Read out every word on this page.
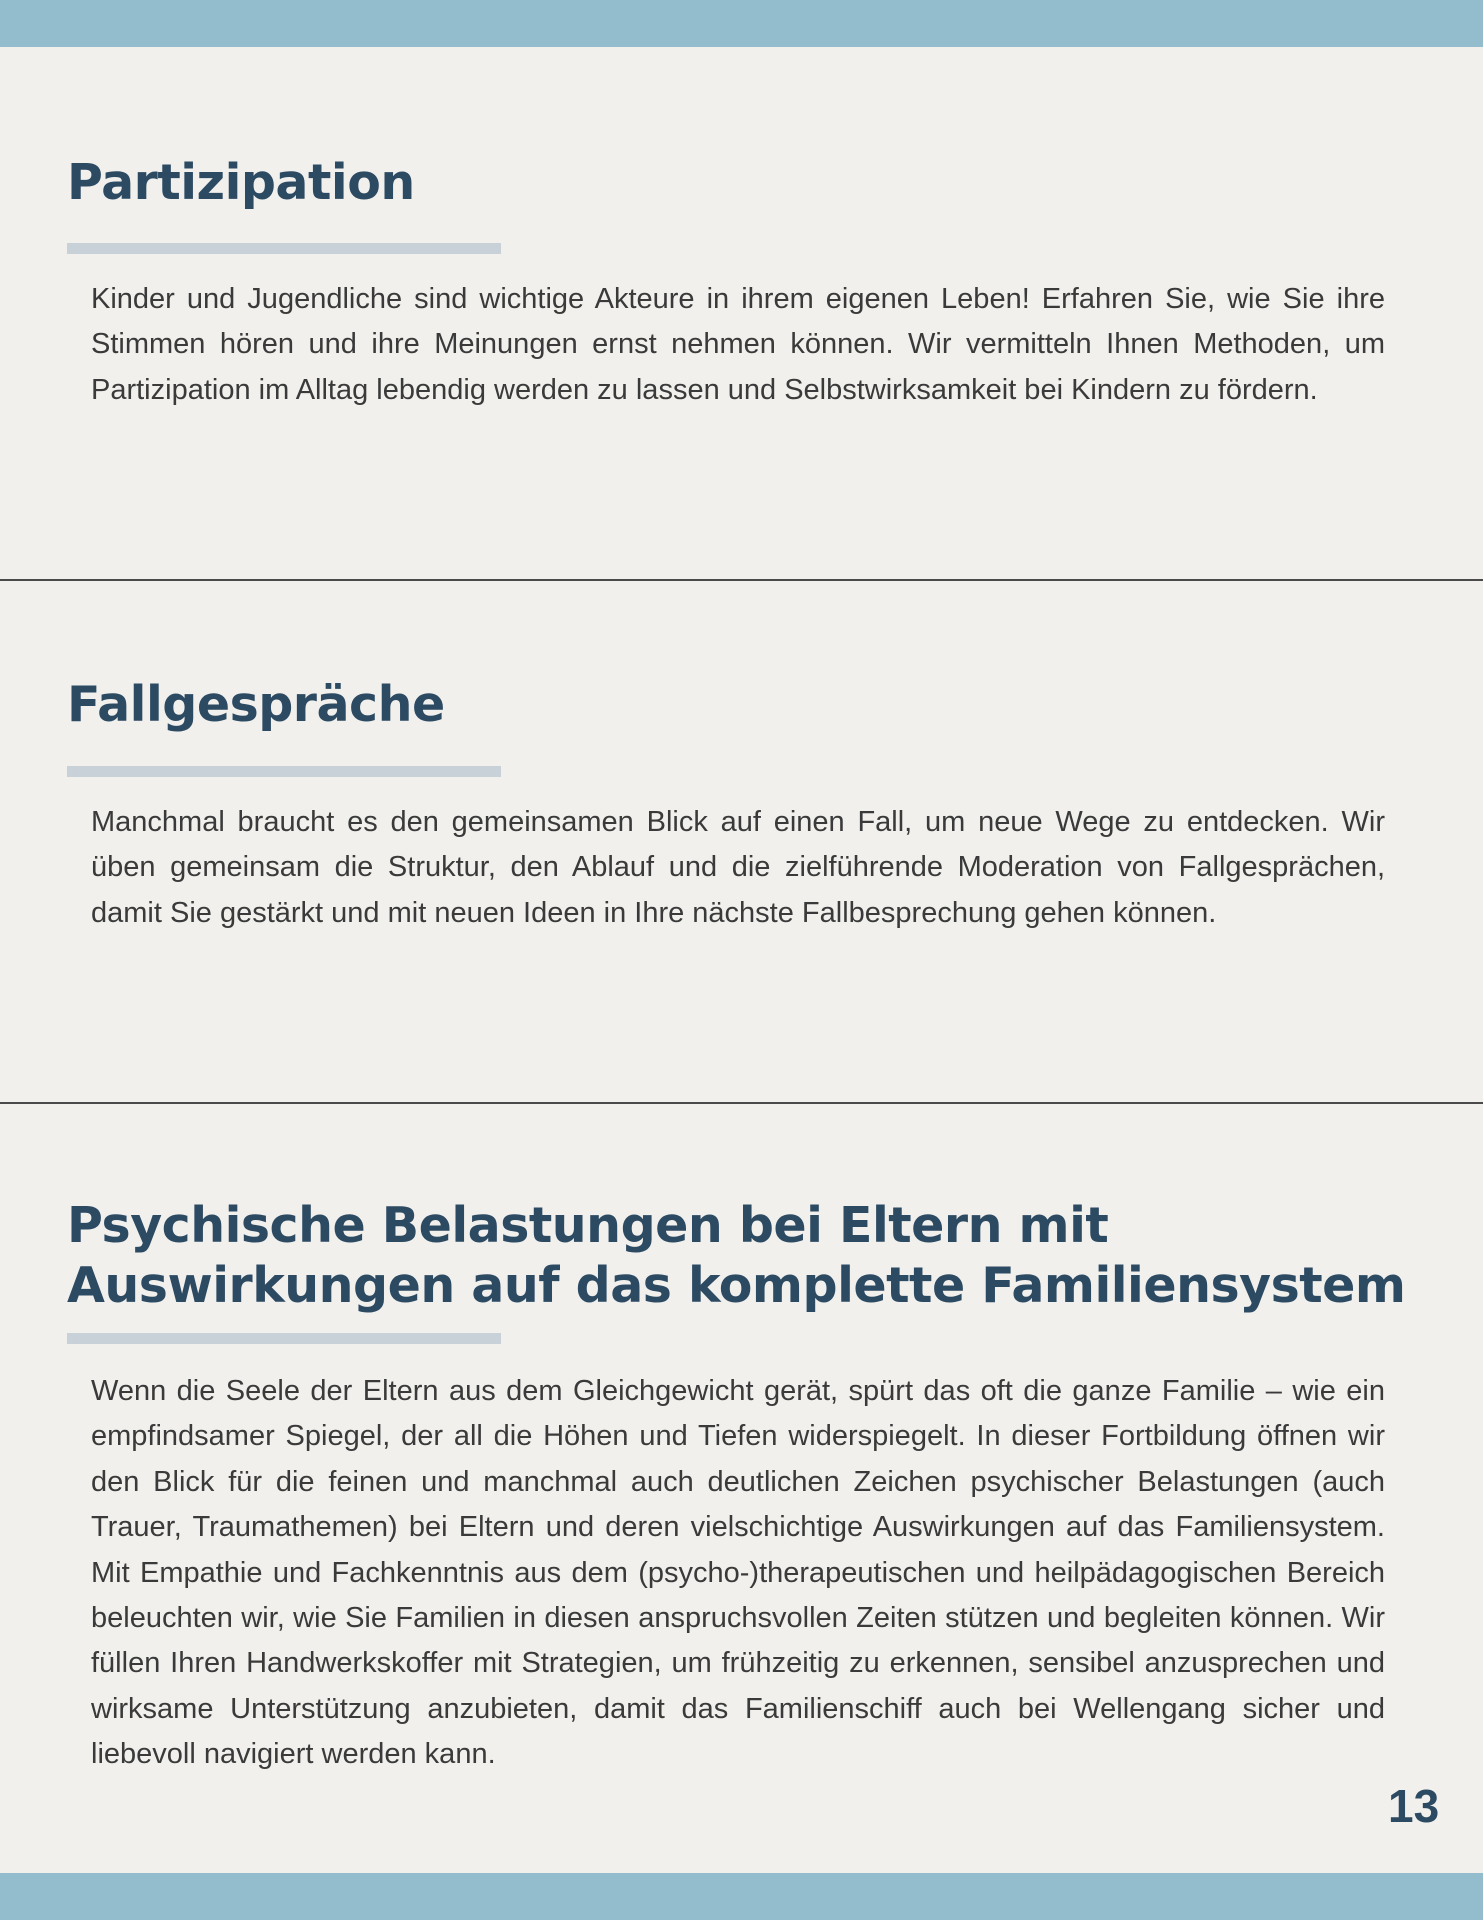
Partizipation

Kinder und Jugendliche sind wichtige Akteure in ihrem eigenen Leben! Erfahren Sie, wie Sie ihre Stimmen hören und ihre Meinungen ernst nehmen können. Wir vermitteln Ihnen Methoden, um Partizipation im Alltag lebendig werden zu lassen und Selbstwirksamkeit bei Kindern zu fördern.

Fallgespräche

Manchmal braucht es den gemeinsamen Blick auf einen Fall, um neue Wege zu entdecken. Wir üben gemeinsam die Struktur, den Ablauf und die zielführende Moderation von Fallgesprächen, damit Sie gestärkt und mit neuen Ideen in Ihre nächste Fallbesprechung gehen können.

Psychische Belastungen bei Eltern mit
Auswirkungen auf das komplette Familiensystem

Wenn die Seele der Eltern aus dem Gleichgewicht gerät, spürt das oft die ganze Familie – wie ein empfindsamer Spiegel, der all die Höhen und Tiefen widerspiegelt. In dieser Fortbildung öffnen wir den Blick für die feinen und manchmal auch deutlichen Zeichen psychischer Belastungen (auch Trauer, Traumathemen) bei Eltern und deren vielschichtige Auswirkungen auf das Familiensystem. Mit Empathie und Fachkenntnis aus dem (psycho-)therapeutischen und heilpädagogischen Bereich beleuchten wir, wie Sie Familien in diesen anspruchsvollen Zeiten stützen und begleiten können. Wir füllen Ihren Handwerkskoffer mit Strategien, um frühzeitig zu erkennen, sensibel anzusprechen und wirksame Unterstützung anzubieten, damit das Familienschiff auch bei Wellengang sicher und liebevoll navigiert werden kann.

13
